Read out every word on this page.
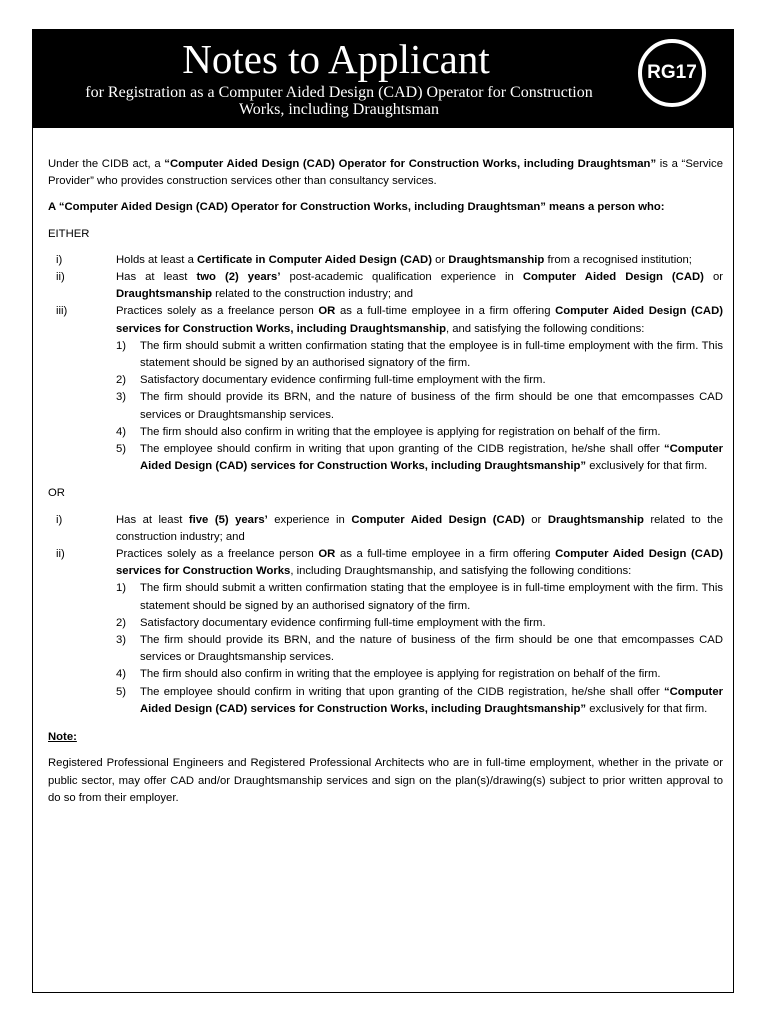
Notes to Applicant
for Registration as a Computer Aided Design (CAD) Operator for Construction
Works, including Draughtsman
RG17

Under the CIDB act, a “Computer Aided Design (CAD) Operator for Construction Works, including Draughtsman” is a “Service Provider” who provides construction services other than consultancy services.

A “Computer Aided Design (CAD) Operator for Construction Works, including Draughtsman” means a person who:

EITHER

i)	Holds at least a Certificate in Computer Aided Design (CAD) or Draughtsmanship from a recognised institution;
ii)	Has at least two (2) years’ post-academic qualification experience in Computer Aided Design (CAD) or Draughtsmanship related to the construction industry; and
iii)	Practices solely as a freelance person OR as a full-time employee in a firm offering Computer Aided Design (CAD) services for Construction Works, including Draughtsmanship, and satisfying the following conditions:
1) The firm should submit a written confirmation stating that the employee is in full-time employment with the firm. This statement should be signed by an authorised signatory of the firm.
2) Satisfactory documentary evidence confirming full-time employment with the firm.
3) The firm should provide its BRN, and the nature of business of the firm should be one that emcompasses CAD services or Draughtsmanship services.
4) The firm should also confirm in writing that the employee is applying for registration on behalf of the firm.
5) The employee should confirm in writing that upon granting of the CIDB registration, he/she shall offer “Computer Aided Design (CAD) services for Construction Works, including Draughtsmanship” exclusively for that firm.

OR

i)	Has at least five (5) years’ experience in Computer Aided Design (CAD) or Draughtsmanship related to the construction industry; and
ii)	Practices solely as a freelance person OR as a full-time employee in a firm offering Computer Aided Design (CAD) services for Construction Works, including Draughtsmanship, and satisfying the following conditions:
1) The firm should submit a written confirmation stating that the employee is in full-time employment with the firm. This statement should be signed by an authorised signatory of the firm.
2) Satisfactory documentary evidence confirming full-time employment with the firm.
3) The firm should provide its BRN, and the nature of business of the firm should be one that emcompasses CAD services or Draughtsmanship services.
4) The firm should also confirm in writing that the employee is applying for registration on behalf of the firm.
5) The employee should confirm in writing that upon granting of the CIDB registration, he/she shall offer “Computer Aided Design (CAD) services for Construction Works, including Draughtsmanship” exclusively for that firm.

Note:

Registered Professional Engineers and Registered Professional Architects who are in full-time employment, whether in the private or public sector, may offer CAD and/or Draughtsmanship services and sign on the plan(s)/drawing(s) subject to prior written approval to do so from their employer.
